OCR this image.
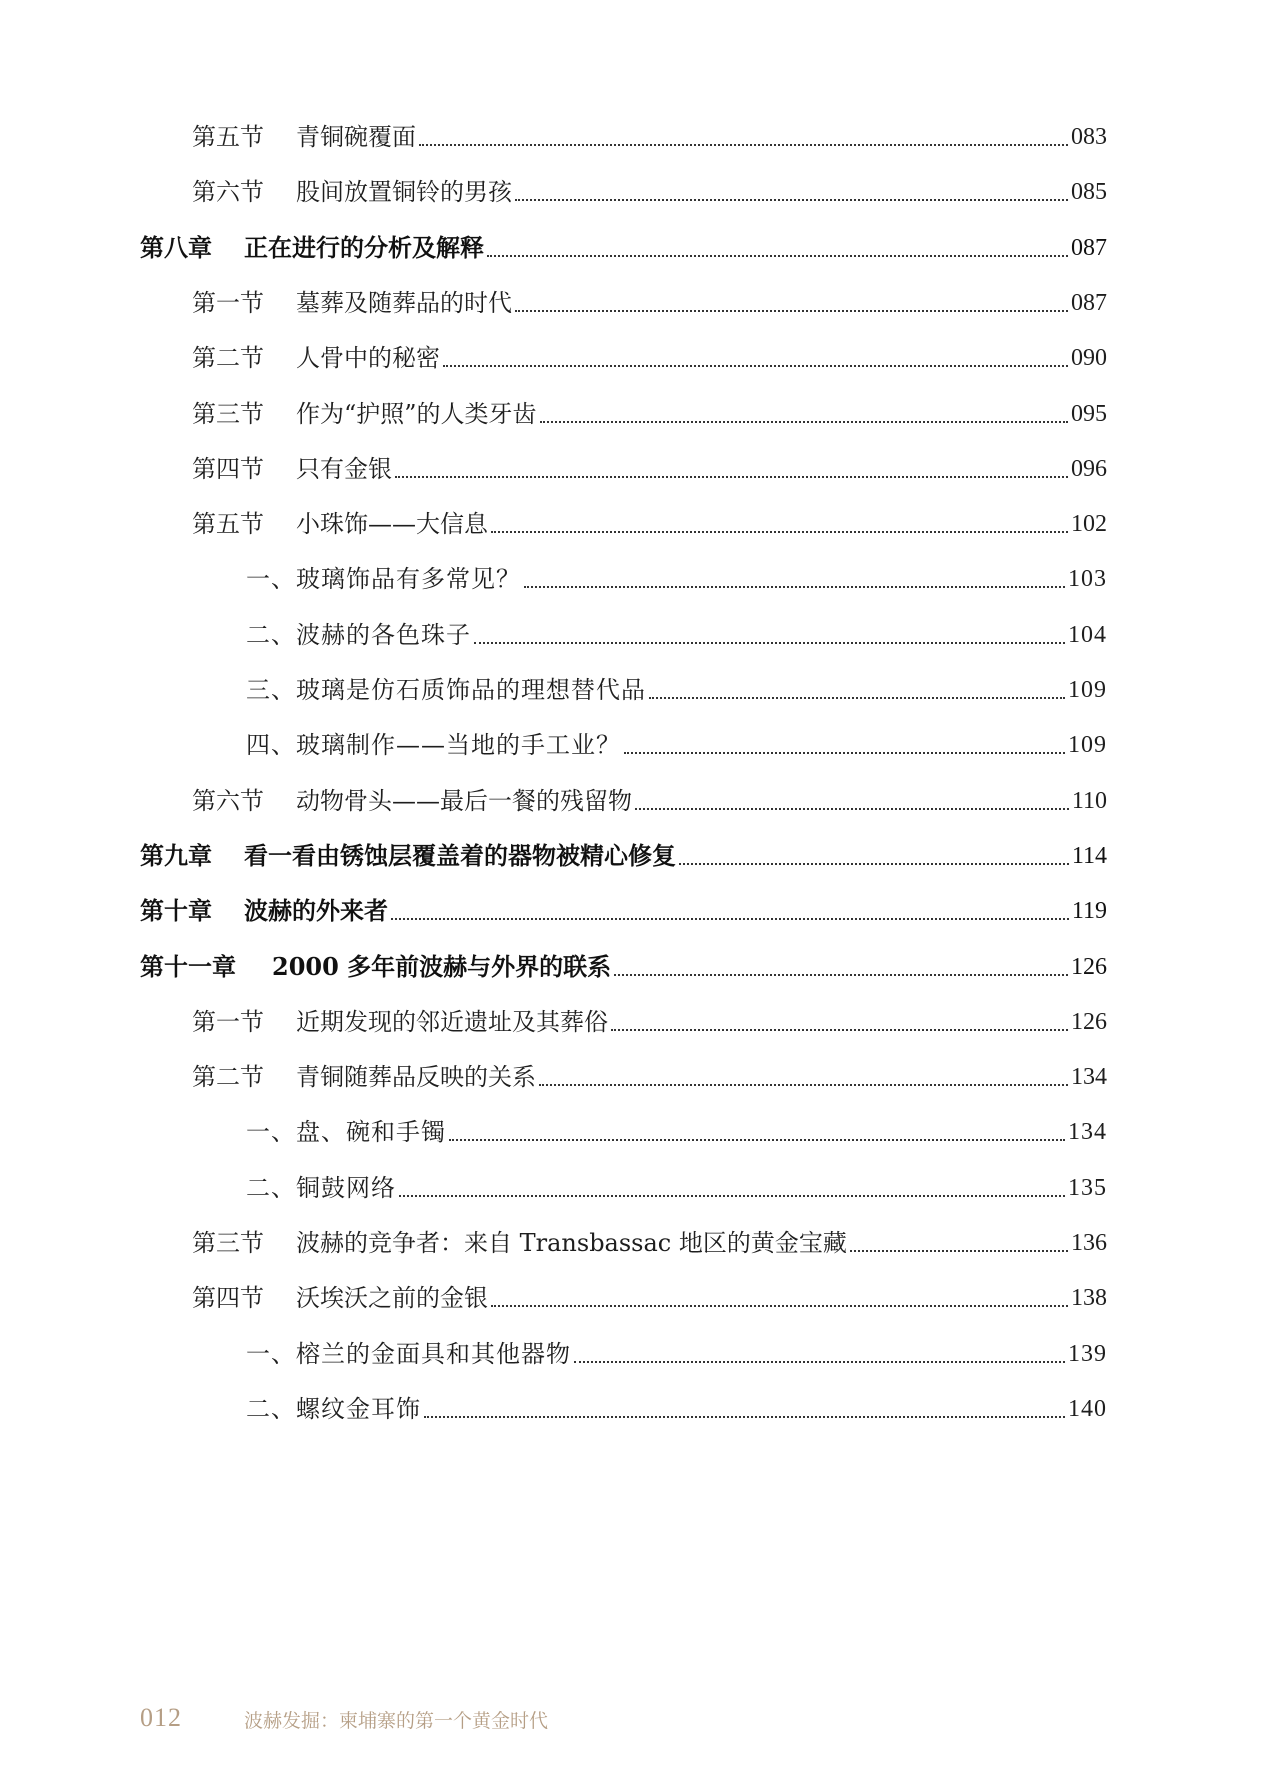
第五节	青铜碗覆面	083
第六节	股间放置铜铃的男孩	085
第八章	正在进行的分析及解释	087
第一节	墓葬及随葬品的时代	087
第二节	人骨中的秘密	090
第三节	作为“护照”的人类牙齿	095
第四节	只有金银	096
第五节	小珠饰——大信息	102
一、玻璃饰品有多常见？	103
二、波赫的各色珠子	104
三、玻璃是仿石质饰品的理想替代品	109
四、玻璃制作——当地的手工业？	109
第六节	动物骨头——最后一餐的残留物	110
第九章	看一看由锈蚀层覆盖着的器物被精心修复	114
第十章	波赫的外来者	119
第十一章	2000 多年前波赫与外界的联系	126
第一节	近期发现的邻近遗址及其葬俗	126
第二节	青铜随葬品反映的关系	134
一、盘、碗和手镯	134
二、铜鼓网络	135
第三节	波赫的竞争者：来自 Transbassac 地区的黄金宝藏	136
第四节	沃埃沃之前的金银	138
一、榕兰的金面具和其他器物	139
二、螺纹金耳饰	140
012	波赫发掘：柬埔寨的第一个黄金时代
